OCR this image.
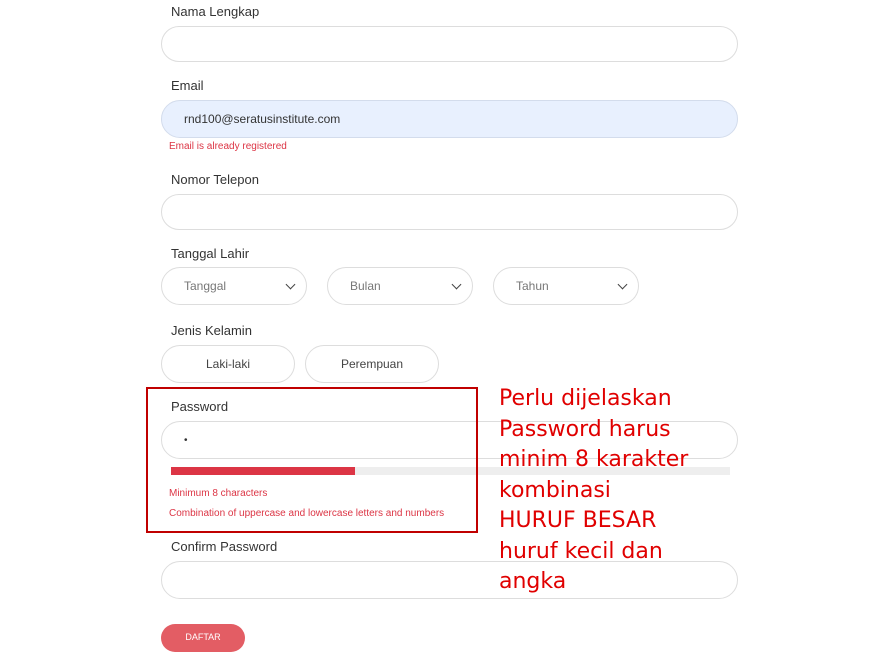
Nama Lengkap
Email
rnd100@seratusinstitute.com
Email is already registered
Nomor Telepon
Tanggal Lahir
Tanggal	Bulan	Tahun
Jenis Kelamin
Laki-laki	Perempuan
Password
•
Minimum 8 characters
Combination of uppercase and lowercase letters and numbers
Confirm Password
DAFTAR
Perlu dijelaskan
Password harus
minim 8 karakter
kombinasi
HURUF BESAR
huruf kecil dan
angka
